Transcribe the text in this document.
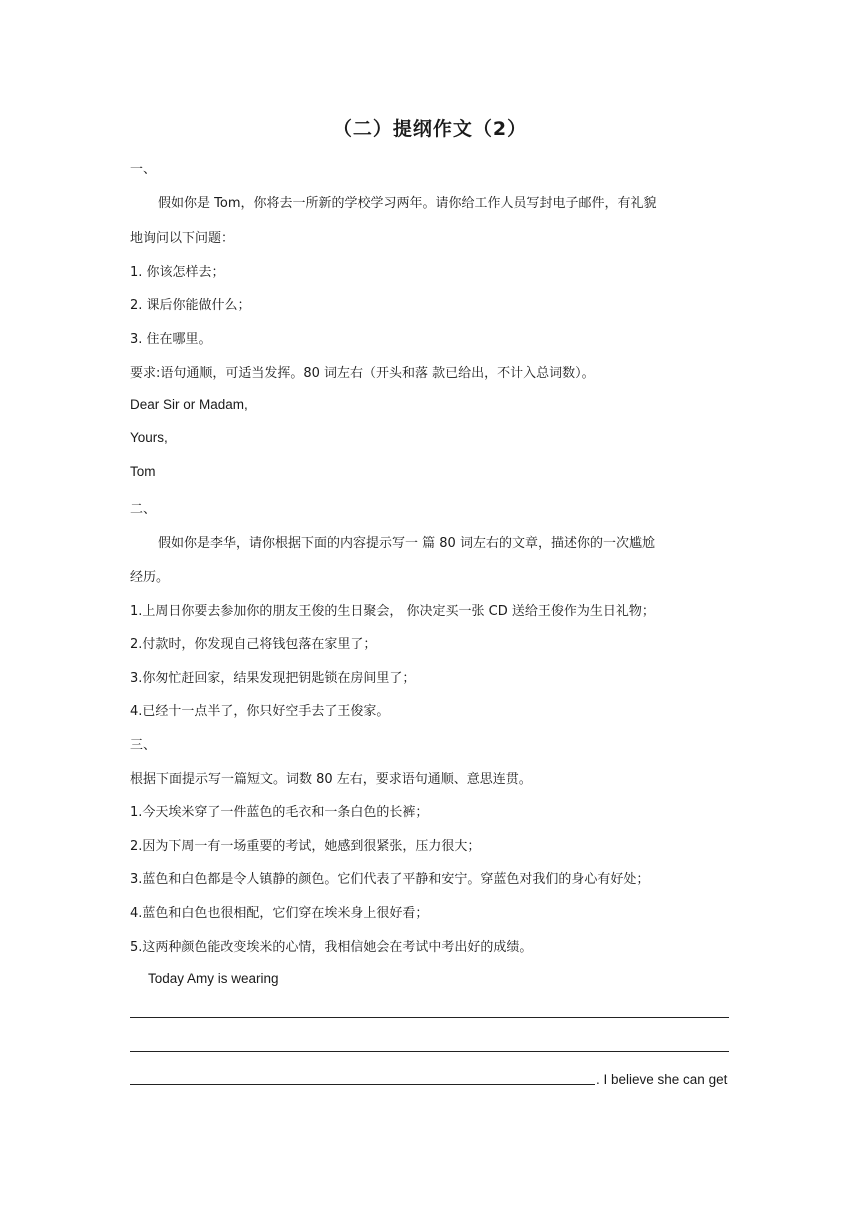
（二）提纲作文（2）
一、
假如你是 Tom，你将去一所新的学校学习两年。请你给工作人员写封电子邮件，有礼貌
地询问以下问题：
1. 你该怎样去；
2. 课后你能做什么；
3. 住在哪里。
要求:语句通顺，可适当发挥。80 词左右（开头和落 款已给出，不计入总词数）。
Dear Sir or Madam,
Yours,
Tom
二、
假如你是李华，请你根据下面的内容提示写一 篇 80 词左右的文章，描述你的一次尴尬
经历。
1.上周日你要去参加你的朋友王俊的生日聚会， 你决定买一张 CD 送给王俊作为生日礼物；
2.付款时，你发现自己将钱包落在家里了；
3.你匆忙赶回家，结果发现把钥匙锁在房间里了；
4.已经十一点半了，你只好空手去了王俊家。
三、
根据下面提示写一篇短文。词数 80 左右，要求语句通顺、意思连贯。
1.今天埃米穿了一件蓝色的毛衣和一条白色的长裤；
2.因为下周一有一场重要的考试，她感到很紧张，压力很大；
3.蓝色和白色都是令人镇静的颜色。它们代表了平静和安宁。穿蓝色对我们的身心有好处；
4.蓝色和白色也很相配，它们穿在埃米身上很好看；
5.这两种颜色能改变埃米的心情，我相信她会在考试中考出好的成绩。
Today Amy is wearing
. I believe she can get
